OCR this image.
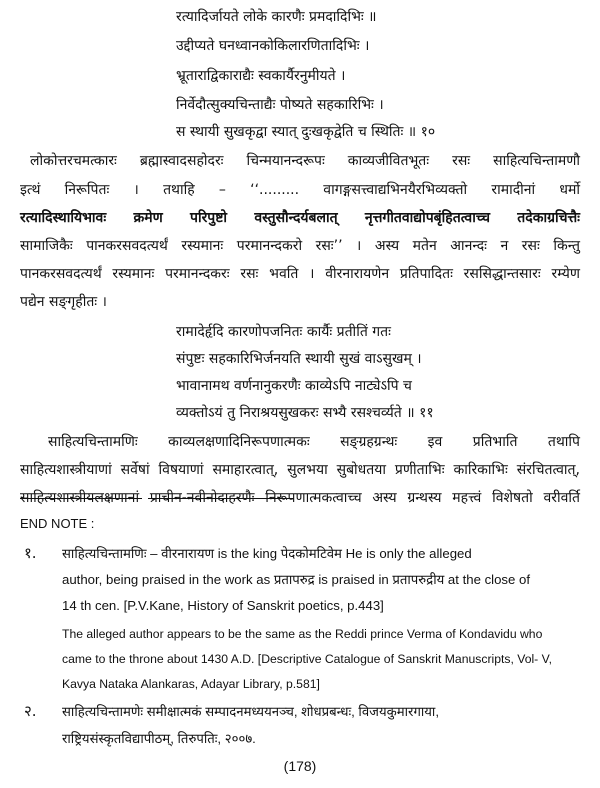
रत्यादिर्जायते लोके कारणैः प्रमदादिभिः ॥
उद्दीप्यते घनध्वानकोकिलारणितादिभिः ।
भ्रूताराद्विकाराद्यैः स्वकार्यैरनुमीयते ।
निर्वेदौत्सुक्यचिन्ताद्यैः पोष्यते सहकारिभिः ।
स स्थायी सुखकृद्वा स्यात् दुःखकृद्वेति च स्थितिः ॥ १०
लोकोत्तरचमत्कारः ब्रह्मास्वादसहोदरः चिन्मयानन्दरूपः काव्यजीवितभूतः रसः साहित्यचिन्तामणौ
इत्थं निरूपितः । तथाहि – ‘‘......... वागङ्गसत्त्वाद्यभिनयैरभिव्यक्तो रामादीनां धर्मो
रत्यादिस्थायिभावः क्रमेण परिपुष्टो वस्तुसौन्दर्यबलात् नृत्तगीतवाद्योपबृंहितत्वाच्च तदेकाग्रचित्तैः
सामाजिकैः पानकरसवदत्यर्थं रस्यमानः परमानन्दकरो रसः’’ । अस्य मतेन आनन्दः न रसः किन्तु
पानकरसवदत्यर्थं रस्यमानः परमानन्दकरः रसः भवति । वीरनारायणेन प्रतिपादितः रससिद्धान्तसारः रम्येण
पद्येन सङ्गृहीतः ।
रामादेर्हृदि कारणोपजनितः कार्यैः प्रतीतिं गतः
संपुष्टः सहकारिभिर्जनयति स्थायी सुखं वाऽसुखम् ।
भावानामथ वर्णनानुकरणैः काव्येऽपि नाट्येऽपि च
व्यक्तोऽयं तु निराश्रयसुखकरः सभ्यै रसश्चर्व्यते ॥ ११
साहित्यचिन्तामणिः काव्यलक्षणादिनिरूपणात्मकः सङ्ग्रहग्रन्थः इव प्रतिभाति तथापि
साहित्यशास्त्रीयाणां सर्वेषां विषयाणां समाहारत्वात्, सुलभया सुबोधतया प्रणीताभिः कारिकाभिः संरचितत्वात्,
साहित्यशास्त्रीयलक्षणानां प्राचीन-नवीनोदाहरणैः निरूपणात्मकत्वाच्च अस्य ग्रन्थस्य महत्त्वं विशेषतो वरीवर्ति
END NOTE :
१. साहित्यचिन्तामणिः – वीरनारायण is the king पेदकोमटिवेम He is only the alleged
author, being praised in the work as प्रतापरुद्र is praised in प्रतापरुद्रीय at the close of
14 th cen. [P.V.Kane, History of Sanskrit poetics, p.443]
The alleged author appears to be the same as the Reddi prince Verma of Kondavidu who
came to the throne about 1430 A.D. [Descriptive Catalogue of Sanskrit Manuscripts, Vol- V,
Kavya Nataka Alankaras, Adayar Library, p.581]
२. साहित्यचिन्तामणेः समीक्षात्मकं सम्पादनमध्ययनञ्च, शोधप्रबन्धः, विजयकुमारगाया,
राष्ट्रियसंस्कृतविद्यापीठम्, तिरुपतिः, २००७.
(178)
